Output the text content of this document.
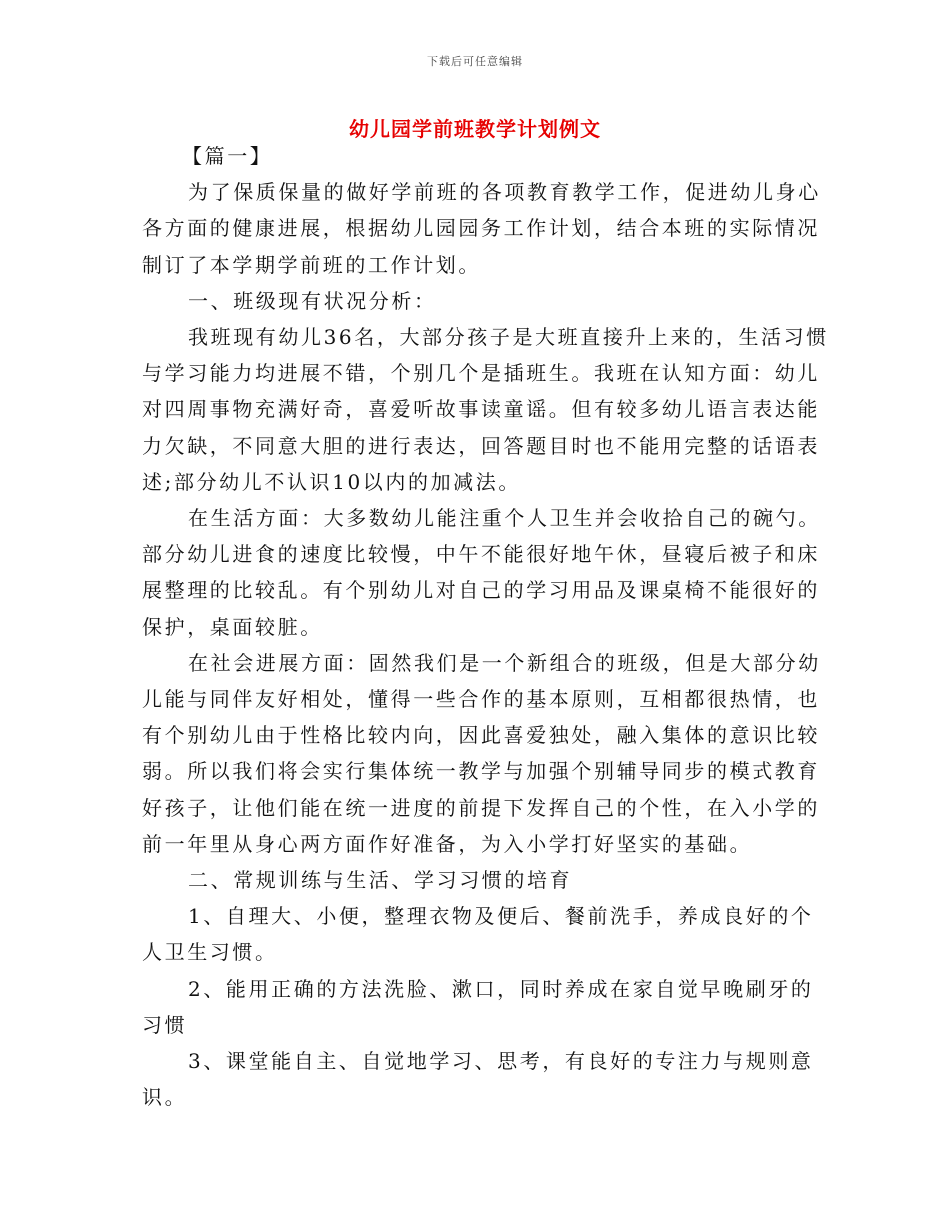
下载后可任意编辑
幼儿园学前班教学计划例文

【篇一】

为了保质保量的做好学前班的各项教育教学工作，促进幼儿身心各方面的健康进展，根据幼儿园园务工作计划，结合本班的实际情况制订了本学期学前班的工作计划。

一、班级现有状况分析：

我班现有幼儿36名，大部分孩子是大班直接升上来的，生活习惯与学习能力均进展不错，个别几个是插班生。我班在认知方面：幼儿对四周事物充满好奇，喜爱听故事读童谣。但有较多幼儿语言表达能力欠缺，不同意大胆的进行表达，回答题目时也不能用完整的话语表述;部分幼儿不认识10以内的加减法。

在生活方面：大多数幼儿能注重个人卫生并会收拾自己的碗勺。部分幼儿进食的速度比较慢，中午不能很好地午休，昼寝后被子和床展整理的比较乱。有个别幼儿对自己的学习用品及课桌椅不能很好的保护，桌面较脏。

在社会进展方面：固然我们是一个新组合的班级，但是大部分幼儿能与同伴友好相处，懂得一些合作的基本原则，互相都很热情，也有个别幼儿由于性格比较内向，因此喜爱独处，融入集体的意识比较弱。所以我们将会实行集体统一教学与加强个别辅导同步的模式教育好孩子，让他们能在统一进度的前提下发挥自己的个性，在入小学的前一年里从身心两方面作好准备，为入小学打好坚实的基础。

二、常规训练与生活、学习习惯的培育

1、自理大、小便，整理衣物及便后、餐前洗手，养成良好的个人卫生习惯。

2、能用正确的方法洗脸、漱口，同时养成在家自觉早晚刷牙的习惯

3、课堂能自主、自觉地学习、思考，有良好的专注力与规则意识。
